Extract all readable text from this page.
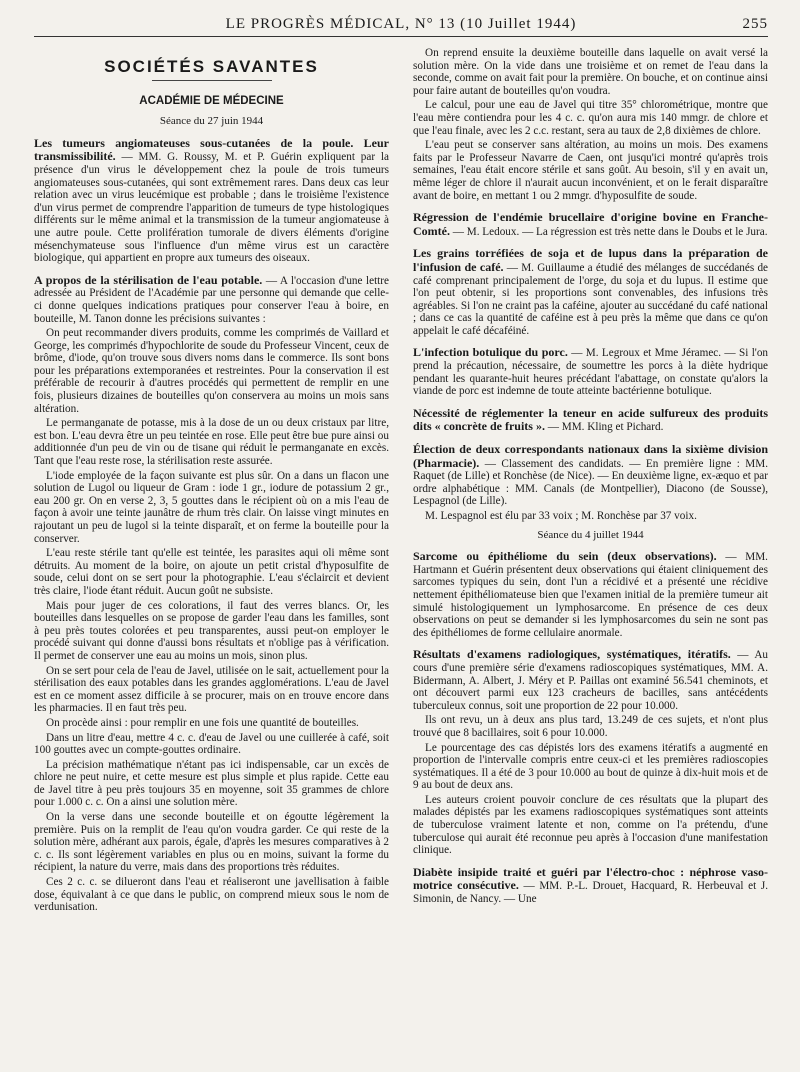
LE PROGRÈS MÉDICAL, N° 13 (10 Juillet 1944)	255
SOCIÉTÉS SAVANTES
ACADÉMIE DE MÉDECINE
Séance du 27 juin 1944

Les tumeurs angiomateuses sous-cutanées de la poule. Leur transmissibilité. — MM. G. Roussy, M. et P. Guérin expliquent par la présence d'un virus le développement chez la poule de trois tumeurs angiomateuses sous-cutanées, qui sont extrêmement rares. Dans deux cas leur relation avec un virus leucémique est probable ; dans le troisième l'existence d'un virus permet de comprendre l'apparition de tumeurs de type histologiques différents sur le même animal et la transmission de la tumeur angiomateuse à une autre poule. Cette prolifération tumorale de divers éléments d'origine mésenchymateuse sous l'influence d'un même virus est un caractère biologique, qui appartient en propre aux tumeurs des oiseaux.

A propos de la stérilisation de l'eau potable. — A l'occasion d'une lettre adressée au Président de l'Académie par une personne qui demande que celle-ci donne quelques indications pratiques pour conserver l'eau à boire, en bouteille, M. Tanon donne les précisions suivantes :

On peut recommander divers produits, comme les comprimés de Vaillard et George, les comprimés d'hypochlorite de soude du Professeur Vincent, ceux de brôme, d'iode, qu'on trouve sous divers noms dans le commerce. Ils sont bons pour les préparations extemporanées et restreintes. Pour la conservation il est préférable de recourir à d'autres procédés qui permettent de remplir en une fois, plusieurs dizaines de bouteilles qu'on conservera au moins un mois sans altération.

Le permanganate de potasse, mis à la dose de un ou deux cristaux par litre, est bon. L'eau devra être un peu teintée en rose. Elle peut être bue pure ainsi ou additionnée d'un peu de vin ou de tisane qui réduit le permanganate en excès. Tant que l'eau reste rose, la stérilisation reste assurée.

L'iode employée de la façon suivante est plus sûr. On a dans un flacon une solution de Lugol ou liqueur de Gram : iode 1 gr., iodure de potassium 2 gr., eau 200 gr. On en verse 2, 3, 5 gouttes dans le récipient où on a mis l'eau de façon à avoir une teinte jaunâtre de rhum très clair. On laisse vingt minutes en rajoutant un peu de lugol si la teinte disparaît, et on ferme la bouteille pour la conserver.

L'eau reste stérile tant qu'elle est teintée, les parasites aqui oli même sont détruits. Au moment de la boire, on ajoute un petit cristal d'hyposulfite de soude, celui dont on se sert pour la photographie. L'eau s'éclaircit et devient très claire, l'iode étant réduit. Aucun goût ne subsiste.

Mais pour juger de ces colorations, il faut des verres blancs. Or, les bouteilles dans lesquelles on se propose de garder l'eau dans les familles, sont à peu près toutes colorées et peu transparentes, aussi peut-on employer le procédé suivant qui donne d'aussi bons résultats et n'oblige pas à vérification. Il permet de conserver une eau au moins un mois, sinon plus.

On se sert pour cela de l'eau de Javel, utilisée on le sait, actuellement pour la stérilisation des eaux potables dans les grandes agglomérations. L'eau de Javel est en ce moment assez difficile à se procurer, mais on en trouve encore dans les pharmacies. Il en faut très peu.

On procède ainsi : pour remplir en une fois une quantité de bouteilles.

Dans un litre d'eau, mettre 4 c. c. d'eau de Javel ou une cuillerée à café, soit 100 gouttes avec un compte-gouttes ordinaire.

La précision mathématique n'étant pas ici indispensable, car un excès de chlore ne peut nuire, et cette mesure est plus simple et plus rapide. Cette eau de Javel titre à peu près toujours 35 en moyenne, soit 35 grammes de chlore pour 1.000 c. c. On a ainsi une solution mère.

On la verse dans une seconde bouteille et on égoutte légèrement la première. Puis on la remplit de l'eau qu'on voudra garder. Ce qui reste de la solution mère, adhérant aux parois, égale, d'après les mesures comparatives à 2 c. c. Ils sont légèrement variables en plus ou en moins, suivant la forme du récipient, la nature du verre, mais dans des proportions très réduites.

Ces 2 c. c. se dilueront dans l'eau et réaliseront une javellisation à faible dose, équivalant à ce que dans le public, on comprend mieux sous le nom de verdunisation.

On reprend ensuite la deuxième bouteille dans laquelle on avait versé la solution mère. On la vide dans une troisième et on remet de l'eau dans la seconde, comme on avait fait pour la première. On bouche, et on continue ainsi pour faire autant de bouteilles qu'on voudra.

Le calcul, pour une eau de Javel qui titre 35° chlorométrique, montre que l'eau mère contiendra pour les 4 c. c. qu'on aura mis 140 mmgr. de chlore et que l'eau finale, avec les 2 c.c. restant, sera au taux de 2,8 dixièmes de chlore.

L'eau peut se conserver sans altération, au moins un mois. Des examens faits par le Professeur Navarre de Caen, ont jusqu'ici montré qu'après trois semaines, l'eau était encore stérile et sans goût. Au besoin, s'il y en avait un, même léger de chlore il n'aurait aucun inconvénient, et on le ferait disparaître avant de boire, en mettant 1 ou 2 mmgr. d'hyposulfite de soude.

Régression de l'endémie brucellaire d'origine bovine en Franche-Comté. — M. Ledoux. — La régression est très nette dans le Doubs et le Jura.

Les grains torréfiées de soja et de lupus dans la préparation de l'infusion de café. — M. Guillaume a étudié des mélanges de succédanés de café comprenant principalement de l'orge, du soja et du lupus. Il estime que l'on peut obtenir, si les proportions sont convenables, des infusions très agréables. Si l'on ne craint pas la caféine, ajouter au succédané du café national ; dans ce cas la quantité de caféine est à peu près la même que dans ce qu'on appelait le café décaféiné.

L'infection botulique du porc. — M. Legroux et Mme Jéramec. — Si l'on prend la précaution, nécessaire, de soumettre les porcs à la diète hydrique pendant les quarante-huit heures précédant l'abattage, on constate qu'alors la viande de porc est indemne de toute atteinte bactérienne botulique.

Nécessité de réglementer la teneur en acide sulfureux des produits dits « concrète de fruits ». — MM. Kling et Pichard.

Élection de deux correspondants nationaux dans la sixième division (Pharmacie). — Classement des candidats. — En première ligne : MM. Raquet (de Lille) et Ronchèse (de Nice). — En deuxième ligne, ex-æquo et par ordre alphabétique : MM. Canals (de Montpellier), Diacono (de Sousse), Lespagnol (de Lille).

M. Lespagnol est élu par 33 voix ; M. Ronchèse par 37 voix.

Séance du 4 juillet 1944

Sarcome ou épithéliome du sein (deux observations). — MM. Hartmann et Guérin présentent deux observations qui étaient cliniquement des sarcomes typiques du sein, dont l'un a récidivé et a présenté une récidive nettement épithéliomateuse bien que l'examen initial de la première tumeur ait simulé histologiquement un lymphosarcome. En présence de ces deux observations on peut se demander si les lymphosarcomes du sein ne sont pas des épithéliomes de forme cellulaire anormale.

Résultats d'examens radiologiques, systématiques, itératifs. — Au cours d'une première série d'examens radioscopiques systématiques, MM. A. Bidermann, A. Albert, J. Méry et P. Paillas ont examiné 56.541 cheminots, et ont découvert parmi eux 123 cracheurs de bacilles, sans antécédents tuberculeux connus, soit une proportion de 22 pour 10.000.

Ils ont revu, un à deux ans plus tard, 13.249 de ces sujets, et n'ont plus trouvé que 8 bacillaires, soit 6 pour 10.000.

Le pourcentage des cas dépistés lors des examens itératifs a augmenté en proportion de l'intervalle compris entre ceux-ci et les premières radioscopies systématiques. Il a été de 3 pour 10.000 au bout de quinze à dix-huit mois et de 9 au bout de deux ans.

Les auteurs croient pouvoir conclure de ces résultats que la plupart des malades dépistés par les examens radioscopiques systématiques sont atteints de tuberculose vraiment latente et non, comme on l'a prétendu, d'une tuberculose qui aurait été reconnue peu après à l'occasion d'une manifestation clinique.

Diabète insipide traité et guéri par l'électro-choc : néphrose vaso-motrice consécutive. — MM. P.-L. Drouet, Hacquard, R. Herbeuval et J. Simonin, de Nancy. — Une
